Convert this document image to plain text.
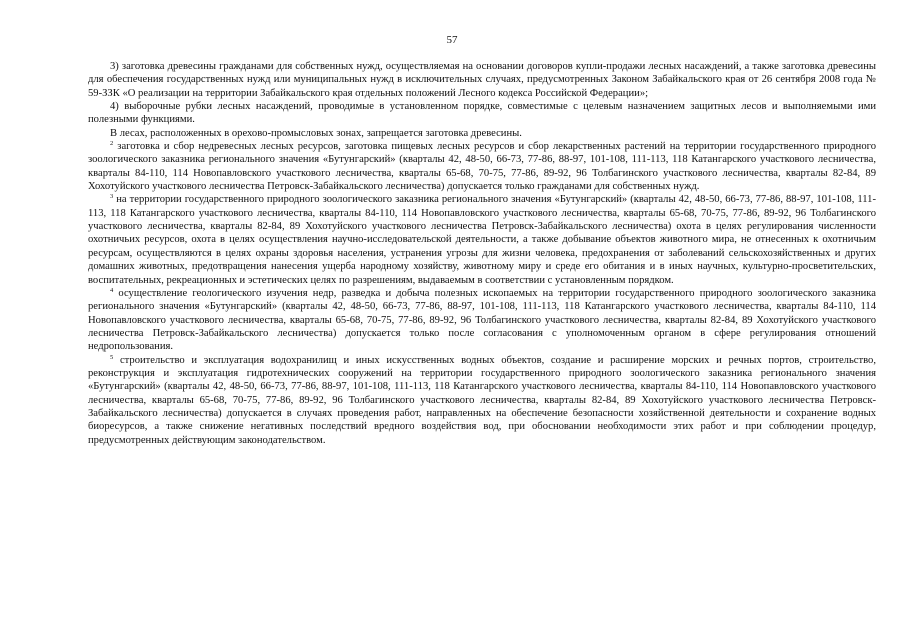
57

3) заготовка древесины гражданами для собственных нужд, осуществляемая на основании договоров купли-продажи лесных насаждений, а также заготовка древесины для обеспечения государственных нужд или муниципальных нужд в исключительных случаях, предусмотренных Законом Забайкальского края от 26 сентября 2008 года № 59-ЗЗК «О реализации на территории Забайкальского края отдельных положений Лесного кодекса Российской Федерации»;

4) выборочные рубки лесных насаждений, проводимые в установленном порядке, совместимые с целевым назначением защитных лесов и выполняемыми ими полезными функциями.

В лесах, расположенных в орехово-промысловых зонах, запрещается заготовка древесины.

$^2$ заготовка и сбор недревесных лесных ресурсов, заготовка пищевых лесных ресурсов и сбор лекарственных растений на территории государственного природного зоологического заказника регионального значения «Бутунгарский» (кварталы 42, 48-50, 66-73, 77-86, 88-97, 101-108, 111-113, 118 Катангарского участкового лесничества, кварталы 84-110, 114 Новопавловского участкового лесничества, кварталы 65-68, 70-75, 77-86, 89-92, 96 Толбагинского участкового лесничества, кварталы 82-84, 89 Хохотуйского участкового лесничества Петровск-Забайкальского лесничества) допускается только гражданами для собственных нужд.

$^3$ на территории государственного природного зоологического заказника регионального значения «Бутунгарский» (кварталы 42, 48-50, 66-73, 77-86, 88-97, 101-108, 111-113, 118 Катангарского участкового лесничества, кварталы 84-110, 114 Новопавловского участкового лесничества, кварталы 65-68, 70-75, 77-86, 89-92, 96 Толбагинского участкового лесничества, кварталы 82-84, 89 Хохотуйского участкового лесничества Петровск-Забайкальского лесничества) охота в целях регулирования численности охотничьих ресурсов, охота в целях осуществления научно-исследовательской деятельности, а также добывание объектов животного мира, не отнесенных к охотничьим ресурсам, осуществляются в целях охраны здоровья населения, устранения угрозы для жизни человека, предохранения от заболеваний сельскохозяйственных и других домашних животных, предотвращения нанесения ущерба народному хозяйству, животному миру и среде его обитания и в иных научных, культурно-просветительских, воспитательных, рекреационных и эстетических целях по разрешениям, выдаваемым в соответствии с установленным порядком.

$^4$ осуществление геологического изучения недр, разведка и добыча полезных ископаемых на территории государственного природного зоологического заказника регионального значения «Бутунгарский» (кварталы 42, 48-50, 66-73, 77-86, 88-97, 101-108, 111-113, 118 Катангарского участкового лесничества, кварталы 84-110, 114 Новопавловского участкового лесничества, кварталы 65-68, 70-75, 77-86, 89-92, 96 Толбагинского участкового лесничества, кварталы 82-84, 89 Хохотуйского участкового лесничества Петровск-Забайкальского лесничества) допускается только после согласования с уполномоченным органом в сфере регулирования отношений недропользования.

$^5$ строительство и эксплуатация водохранилищ и иных искусственных водных объектов, создание и расширение морских и речных портов, строительство, реконструкция и эксплуатация гидротехнических сооружений на территории государственного природного зоологического заказника регионального значения «Бутунгарский» (кварталы 42, 48-50, 66-73, 77-86, 88-97, 101-108, 111-113, 118 Катангарского участкового лесничества, кварталы 84-110, 114 Новопавловского участкового лесничества, кварталы 65-68, 70-75, 77-86, 89-92, 96 Толбагинского участкового лесничества, кварталы 82-84, 89 Хохотуйского участкового лесничества Петровск-Забайкальского лесничества) допускается в случаях проведения работ, направленных на обеспечение безопасности хозяйственной деятельности и сохранение водных биоресурсов, а также снижение негативных последствий вредного воздействия вод, при обосновании необходимости этих работ и при соблюдении процедур, предусмотренных действующим законодательством.
